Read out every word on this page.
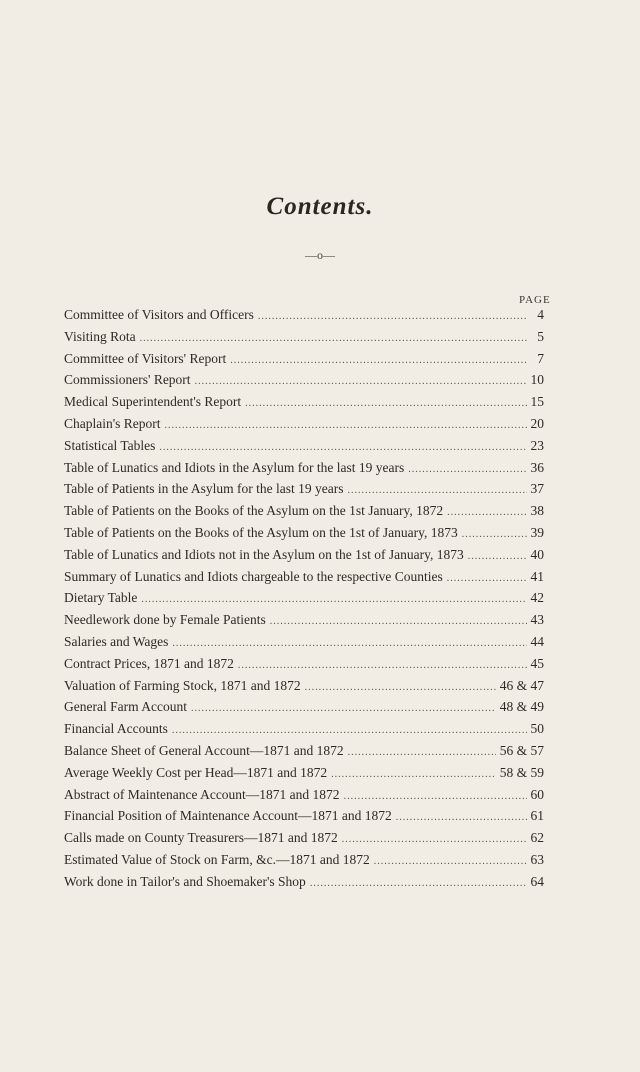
Contents.
—o—
PAGE
Committee of Visitors and Officers .....	4
Visiting Rota .....	5
Committee of Visitors' Report .....	7
Commissioners' Report .....	10
Medical Superintendent's Report .....	15
Chaplain's Report .....	20
Statistical Tables .....	23
Table of Lunatics and Idiots in the Asylum for the last 19 years .....	36
Table of Patients in the Asylum for the last 19 years .....	37
Table of Patients on the Books of the Asylum on the 1st January, 1872 .....	38
Table of Patients on the Books of the Asylum on the 1st of January, 1873 .....	39
Table of Lunatics and Idiots not in the Asylum on the 1st of January, 1873 .....	40
Summary of Lunatics and Idiots chargeable to the respective Counties .....	41
Dietary Table .....	42
Needlework done by Female Patients .....	43
Salaries and Wages .....	44
Contract Prices, 1871 and 1872 .....	45
Valuation of Farming Stock, 1871 and 1872 .....	46 & 47
General Farm Account .....	48 & 49
Financial Accounts .....	50
Balance Sheet of General Account—1871 and 1872 .....	56 & 57
Average Weekly Cost per Head—1871 and 1872 .....	58 & 59
Abstract of Maintenance Account—1871 and 1872 .....	60
Financial Position of Maintenance Account—1871 and 1872 .....	61
Calls made on County Treasurers—1871 and 1872 .....	62
Estimated Value of Stock on Farm, &c.—1871 and 1872 .....	63
Work done in Tailor's and Shoemaker's Shop .....	64
